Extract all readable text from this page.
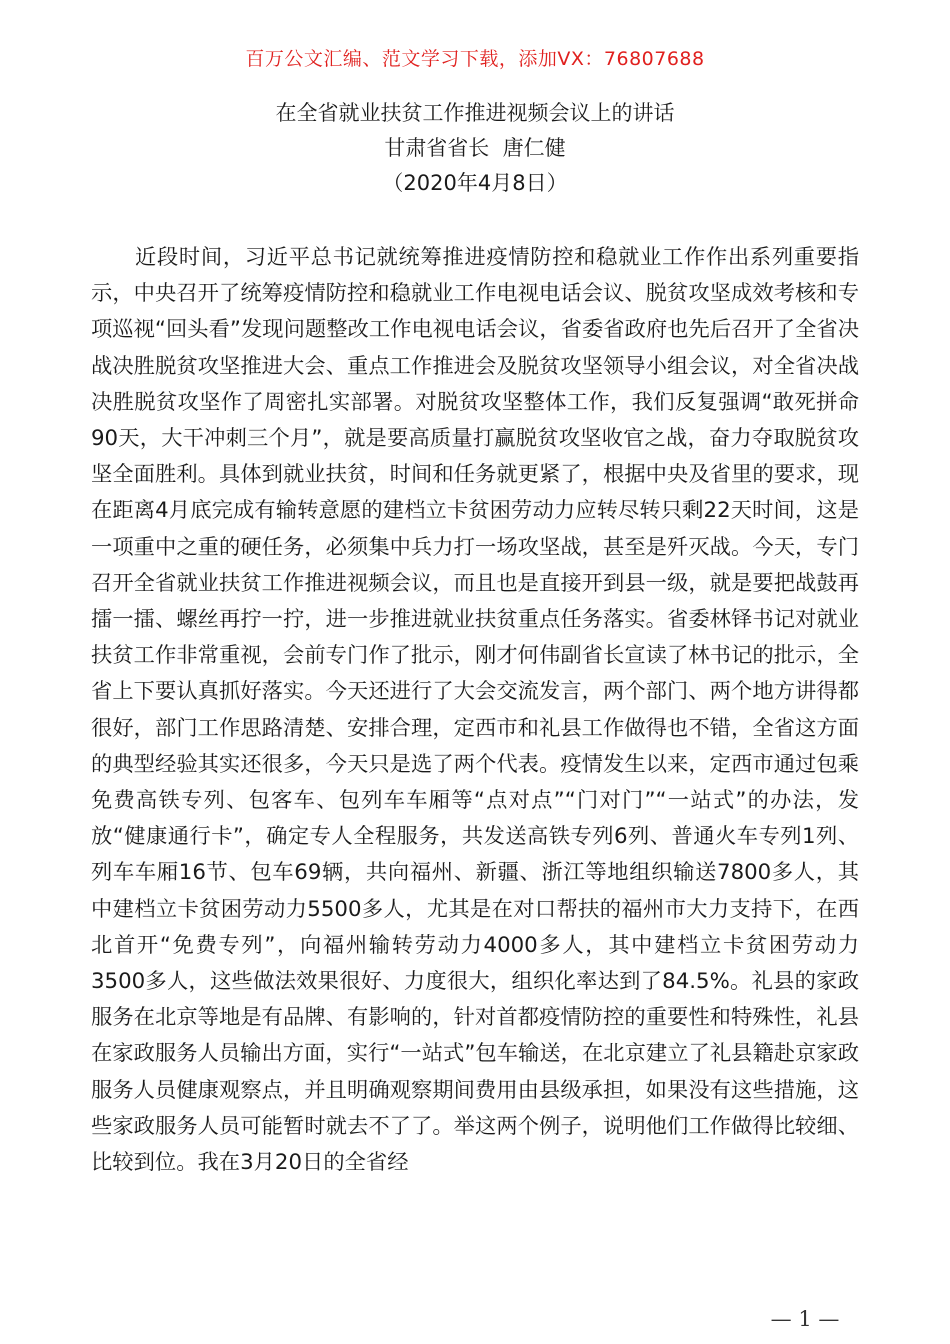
百万公文汇编、范文学习下载，添加VX：76807688
在全省就业扶贫工作推进视频会议上的讲话
甘肃省省长  唐仁健
（2020年4月8日）

近段时间，习近平总书记就统筹推进疫情防控和稳就业工作作出系列重要指示，中央召开了统筹疫情防控和稳就业工作电视电话会议、脱贫攻坚成效考核和专项巡视“回头看”发现问题整改工作电视电话会议，省委省政府也先后召开了全省决战决胜脱贫攻坚推进大会、重点工作推进会及脱贫攻坚领导小组会议，对全省决战决胜脱贫攻坚作了周密扎实部署。对脱贫攻坚整体工作，我们反复强调“敢死拼命90天，大干冲刺三个月”，就是要高质量打赢脱贫攻坚收官之战，奋力夺取脱贫攻坚全面胜利。具体到就业扶贫，时间和任务就更紧了，根据中央及省里的要求，现在距离4月底完成有输转意愿的建档立卡贫困劳动力应转尽转只剩22天时间，这是一项重中之重的硬任务，必须集中兵力打一场攻坚战，甚至是歼灭战。今天，专门召开全省就业扶贫工作推进视频会议，而且也是直接开到县一级，就是要把战鼓再擂一擂、螺丝再拧一拧，进一步推进就业扶贫重点任务落实。省委林铎书记对就业扶贫工作非常重视，会前专门作了批示，刚才何伟副省长宣读了林书记的批示，全省上下要认真抓好落实。今天还进行了大会交流发言，两个部门、两个地方讲得都很好，部门工作思路清楚、安排合理，定西市和礼县工作做得也不错，全省这方面的典型经验其实还很多，今天只是选了两个代表。疫情发生以来，定西市通过包乘免费高铁专列、包客车、包列车车厢等“点对点”“门对门”“一站式”的办法，发放“健康通行卡”，确定专人全程服务，共发送高铁专列6列、普通火车专列1列、列车车厢16节、包车69辆，共向福州、新疆、浙江等地组织输送7800多人，其中建档立卡贫困劳动力5500多人，尤其是在对口帮扶的福州市大力支持下，在西北首开“免费专列”，向福州输转劳动力4000多人，其中建档立卡贫困劳动力3500多人，这些做法效果很好、力度很大，组织化率达到了84.5%。礼县的家政服务在北京等地是有品牌、有影响的，针对首都疫情防控的重要性和特殊性，礼县在家政服务人员输出方面，实行“一站式”包车输送，在北京建立了礼县籍赴京家政服务人员健康观察点，并且明确观察期间费用由县级承担，如果没有这些措施，这些家政服务人员可能暂时就去不了了。举这两个例子，说明他们工作做得比较细、比较到位。我在3月20日的全省经

— 1 —
